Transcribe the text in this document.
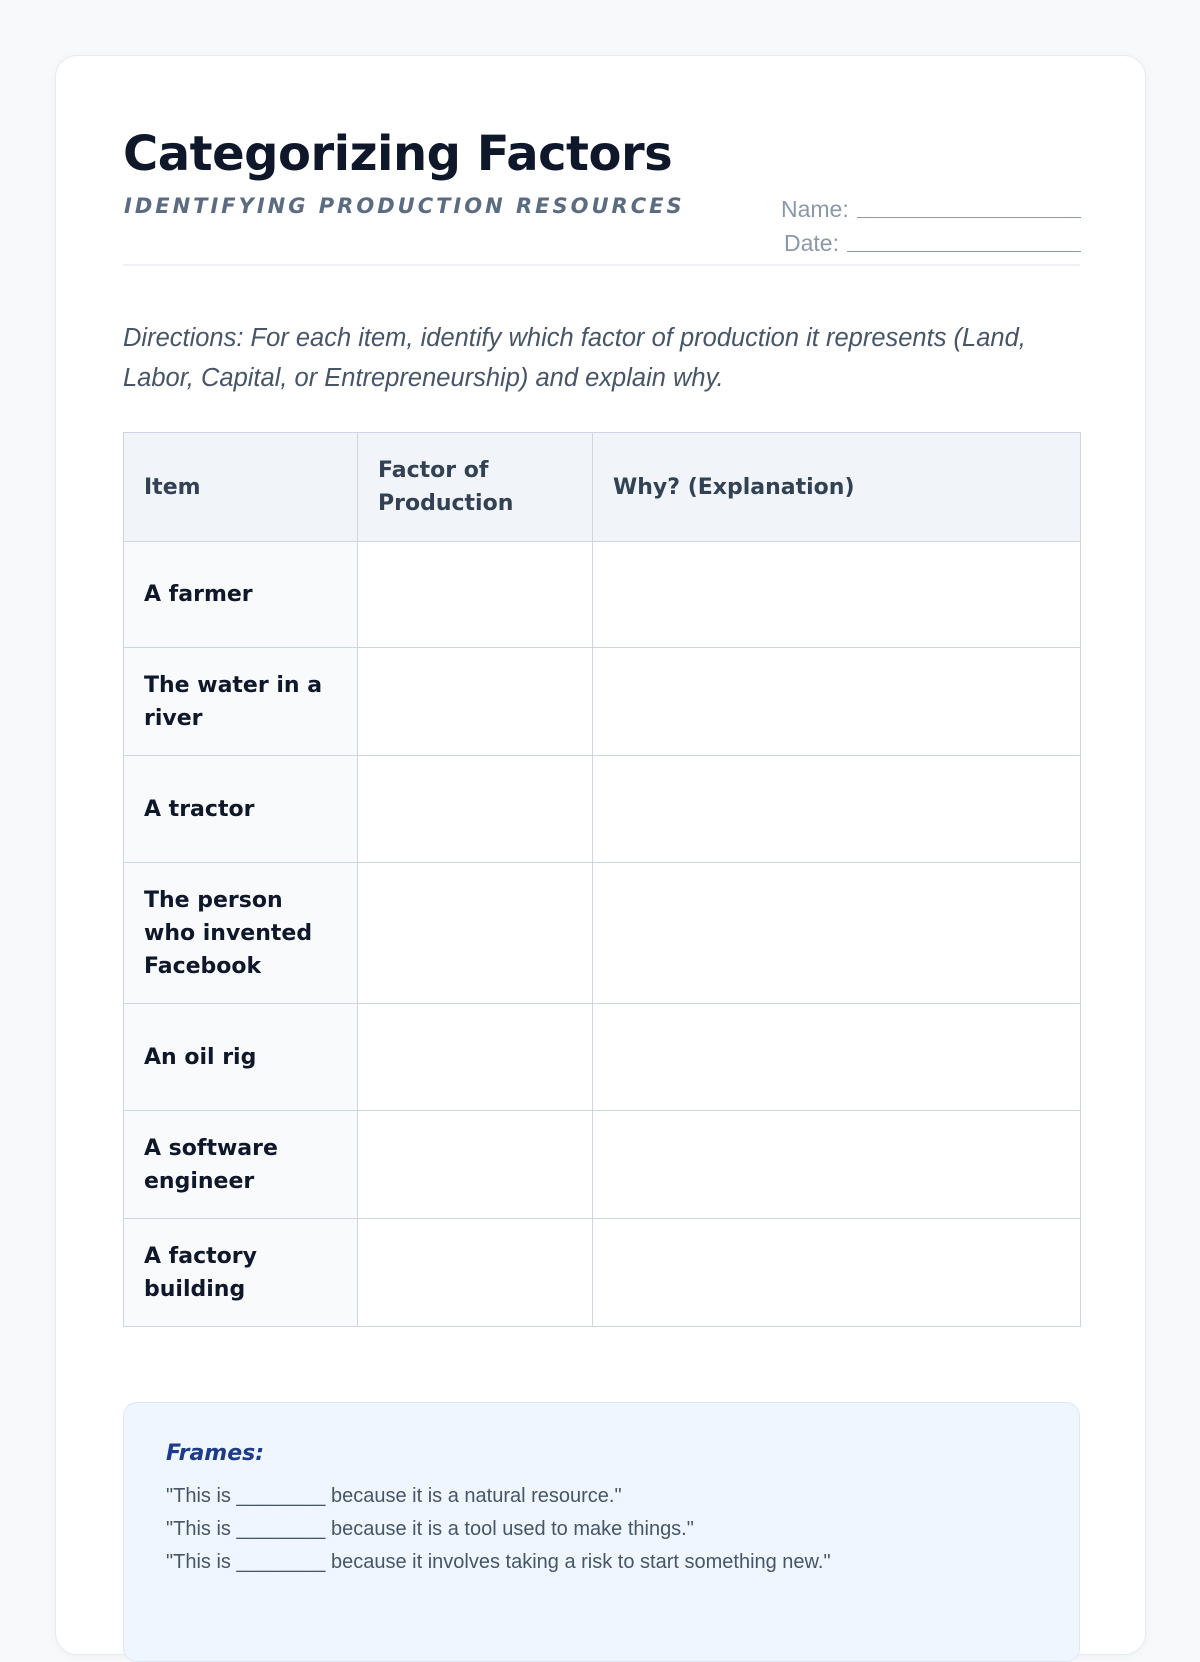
Categorizing Factors
IDENTIFYING PRODUCTION RESOURCES	Name:
Date:

Directions: For each item, identify which factor of production it represents (Land, Labor, Capital, or Entrepreneurship) and explain why.

Item	Factor of Production	Why? (Explanation)
A farmer		
The water in a river		
A tractor		
The person who invented Facebook		
An oil rig		
A software engineer		
A factory building		
Frames:
"This is ________ because it is a natural resource."
"This is ________ because it is a tool used to make things."
"This is ________ because it involves taking a risk to start something new."
